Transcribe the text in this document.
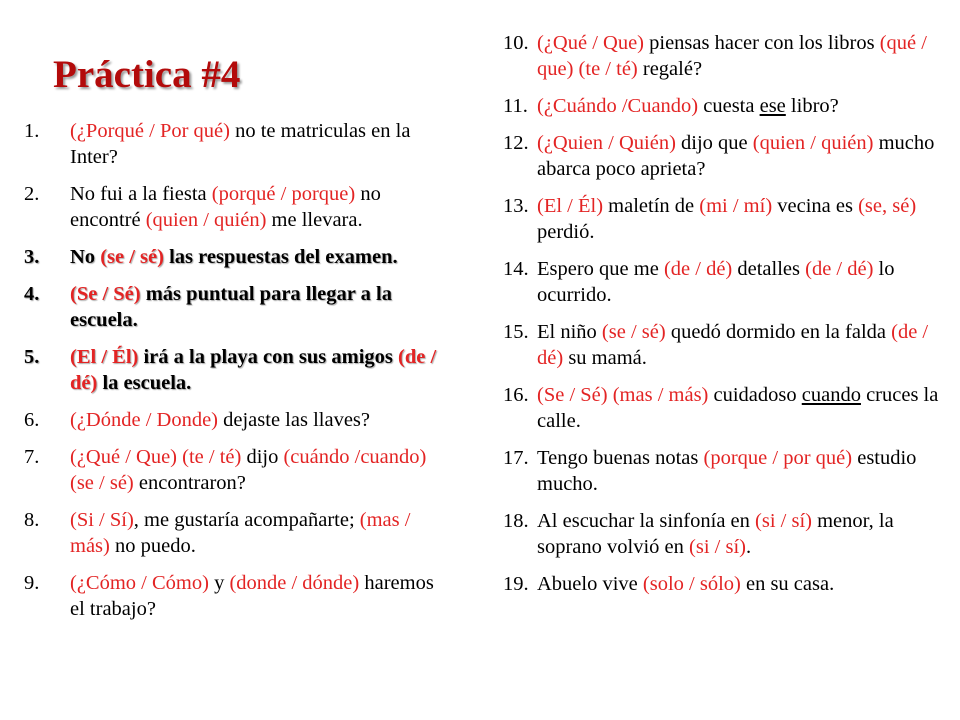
Práctica #4
1.	(¿Porqué / Por qué) no te matriculas en la Inter?
2.	No fui a la fiesta (porqué / porque) no encontré (quien / quién) me llevara.
3.	No (se / sé) las respuestas del examen.
4.	(Se / Sé) más puntual para llegar a la escuela.
5.	(El / Él) irá a la playa con sus amigos (de / dé) la escuela.
6.	(¿Dónde / Donde) dejaste las llaves?
7.	(¿Qué / Que) (te / té) dijo (cuándo /cuando) (se / sé) encontraron?
8.	(Si / Sí), me gustaría acompañarte; (mas / más) no puedo.
9.	(¿Cómo / Cómo) y (donde / dónde) haremos el trabajo?
10. (¿Qué / Que) piensas hacer con los libros (qué / que) (te / té) regalé?
11. (¿Cuándo /Cuando) cuesta ese libro?
12. (¿Quien / Quién) dijo que (quien / quién) mucho abarca poco aprieta?
13. (El / Él) maletín de (mi / mí) vecina es (se, sé) perdió.
14. Espero que me (de / dé) detalles (de / dé) lo ocurrido.
15. El niño (se / sé) quedó dormido en la falda (de / dé) su mamá.
16. (Se / Sé) (mas / más) cuidadoso cuando cruces la calle.
17. Tengo buenas notas (porque / por qué) estudio mucho.
18. Al escuchar la sinfonía en (si / sí) menor, la soprano volvió en (si / sí).
19. Abuelo vive (solo / sólo) en su casa.
